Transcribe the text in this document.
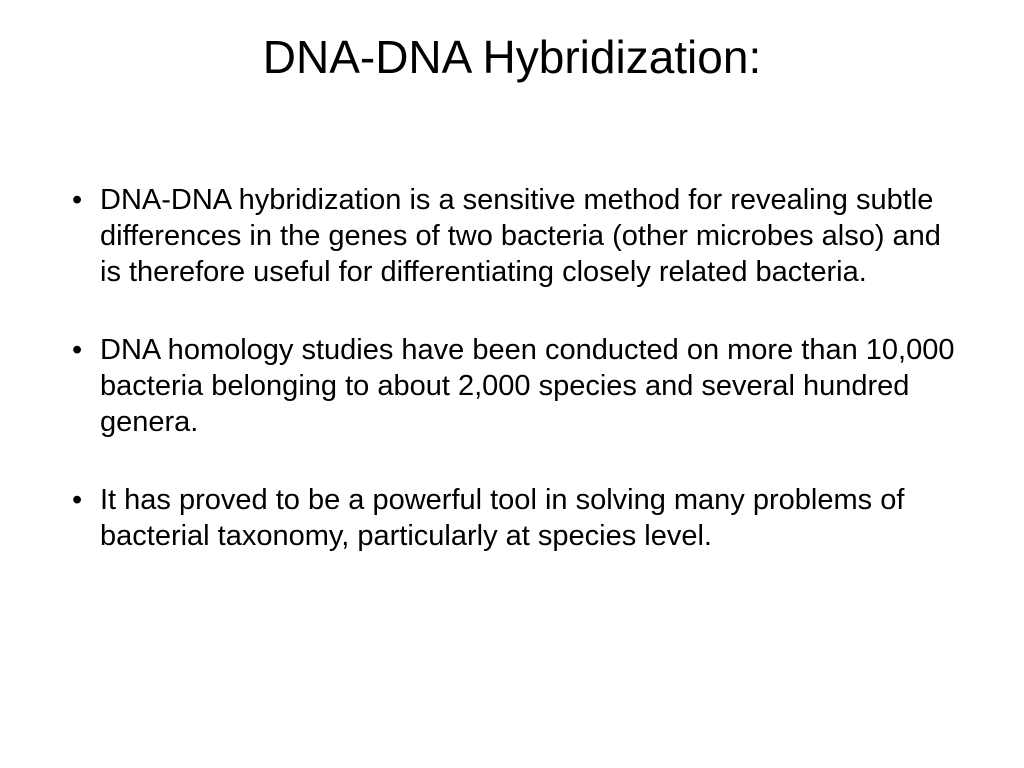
DNA-DNA Hybridization:
• DNA-DNA hybridization is a sensitive method for revealing subtle differences in the genes of two bacteria (other microbes also) and is therefore useful for differentiating closely related bacteria.
• DNA homology studies have been conducted on more than 10,000 bacteria belonging to about 2,000 species and several hundred genera.
• It has proved to be a powerful tool in solving many problems of bacterial taxonomy, particularly at species level.
